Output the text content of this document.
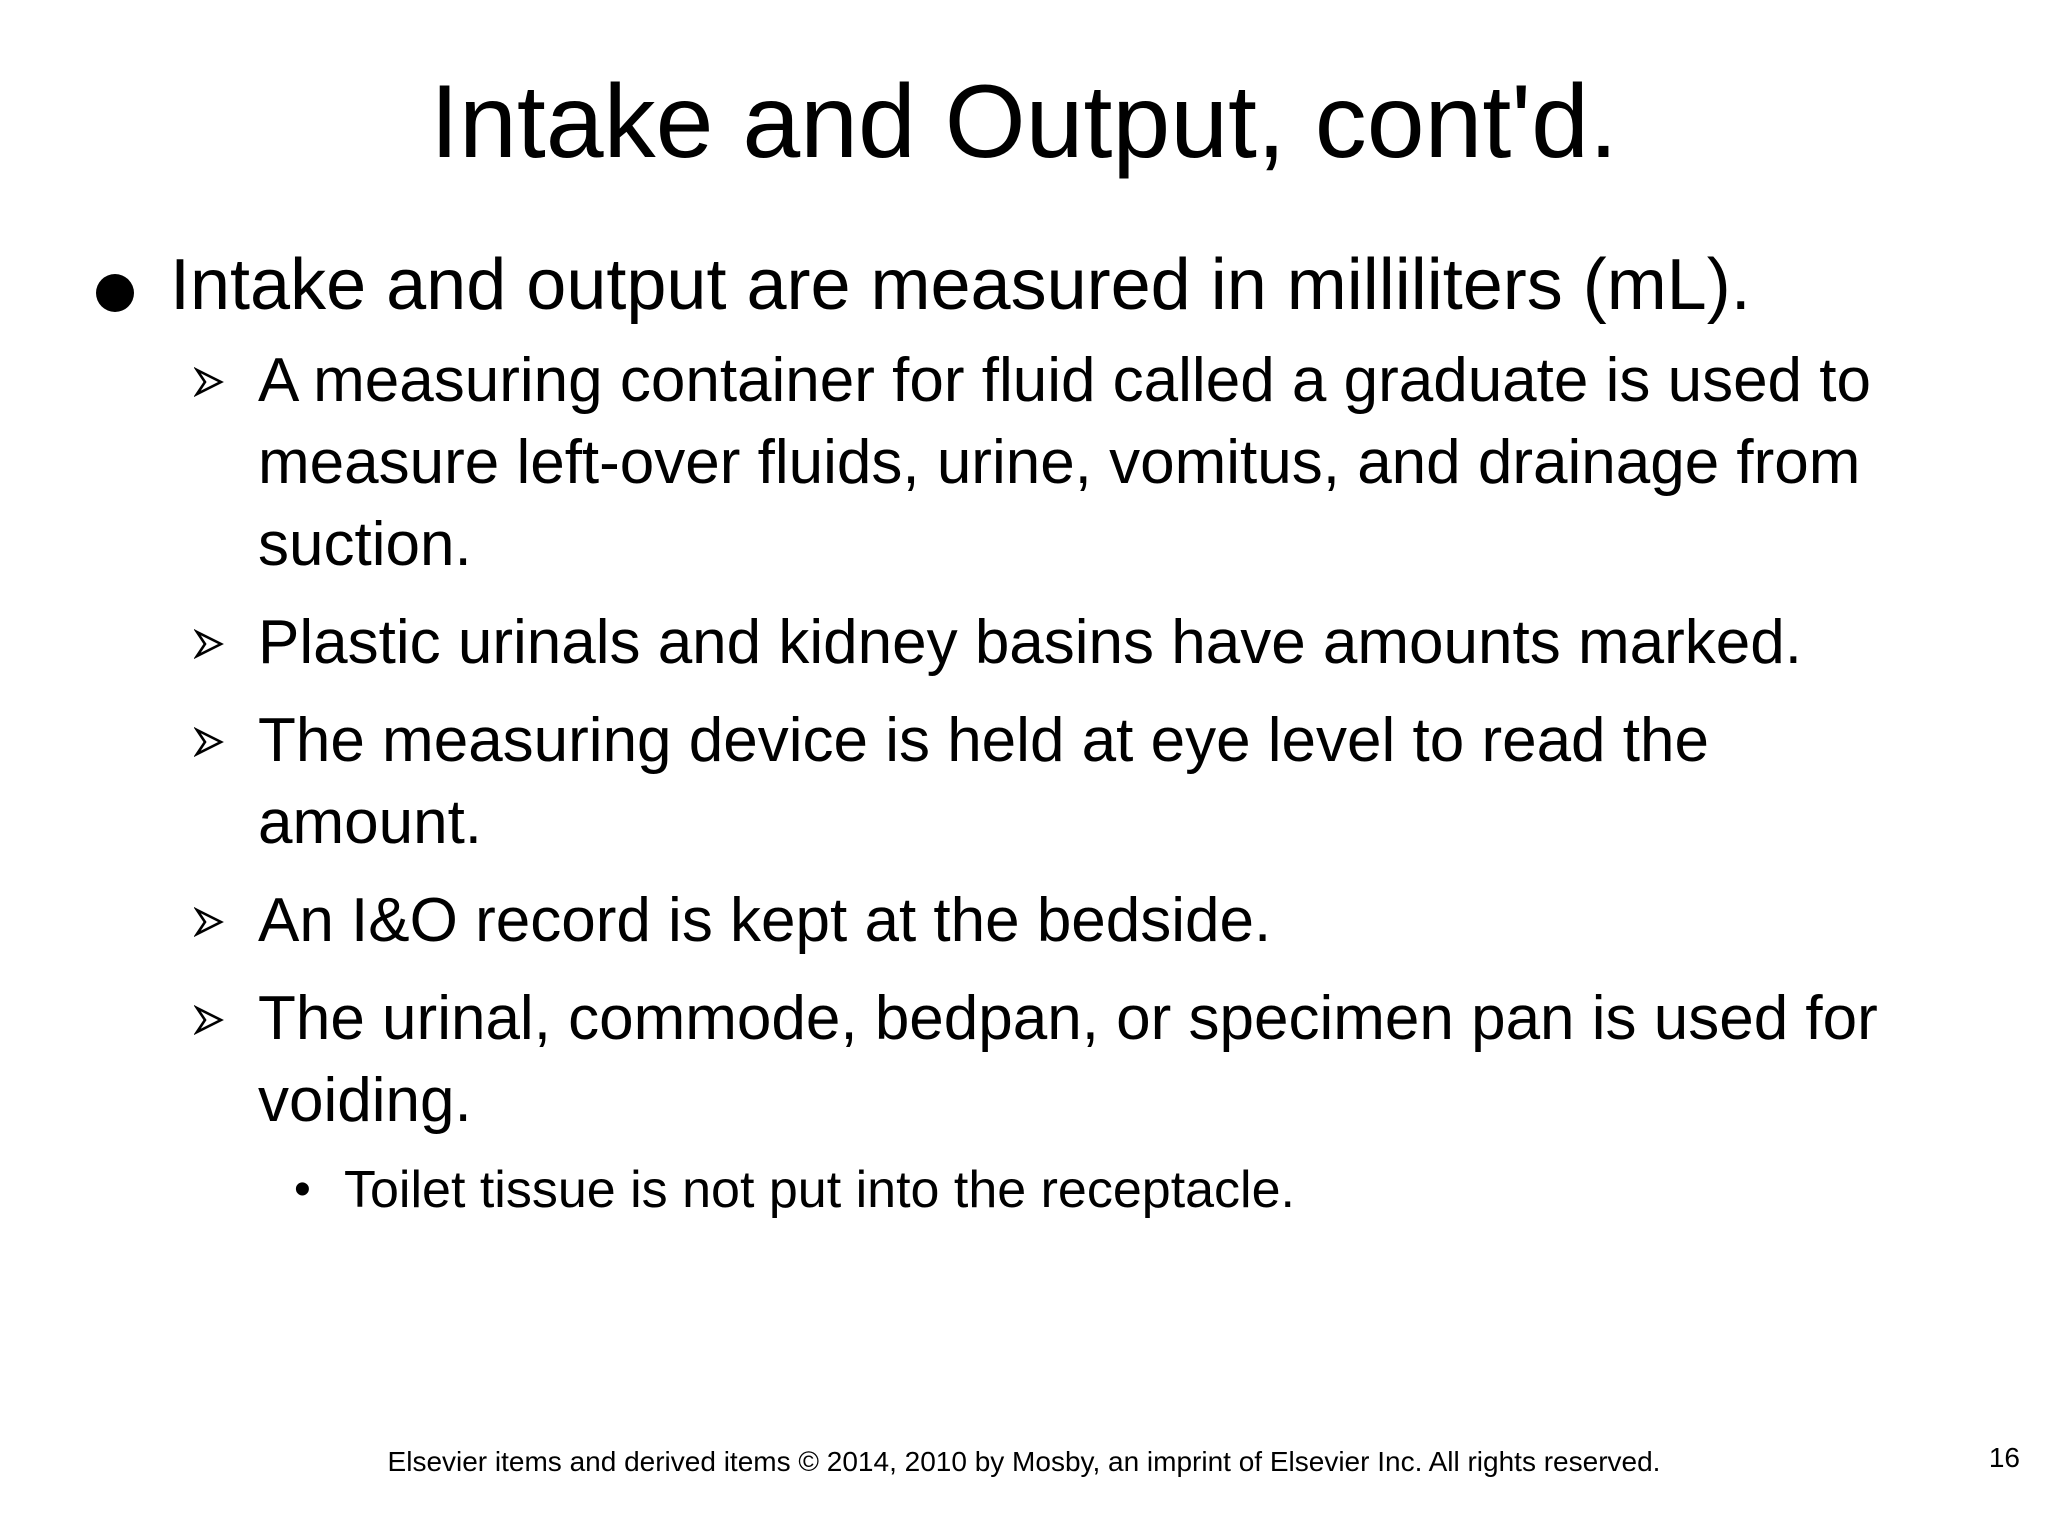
Intake and Output, cont'd.
Intake and output are measured in milliliters (mL).
A measuring container for fluid called a graduate is used to measure left-over fluids, urine, vomitus, and drainage from suction.
Plastic urinals and kidney basins have amounts marked.
The measuring device is held at eye level to read the amount.
An I&O record is kept at the bedside.
The urinal, commode, bedpan, or specimen pan is used for voiding.
• Toilet tissue is not put into the receptacle.
Elsevier items and derived items © 2014, 2010 by Mosby, an imprint of Elsevier Inc. All rights reserved.	16
